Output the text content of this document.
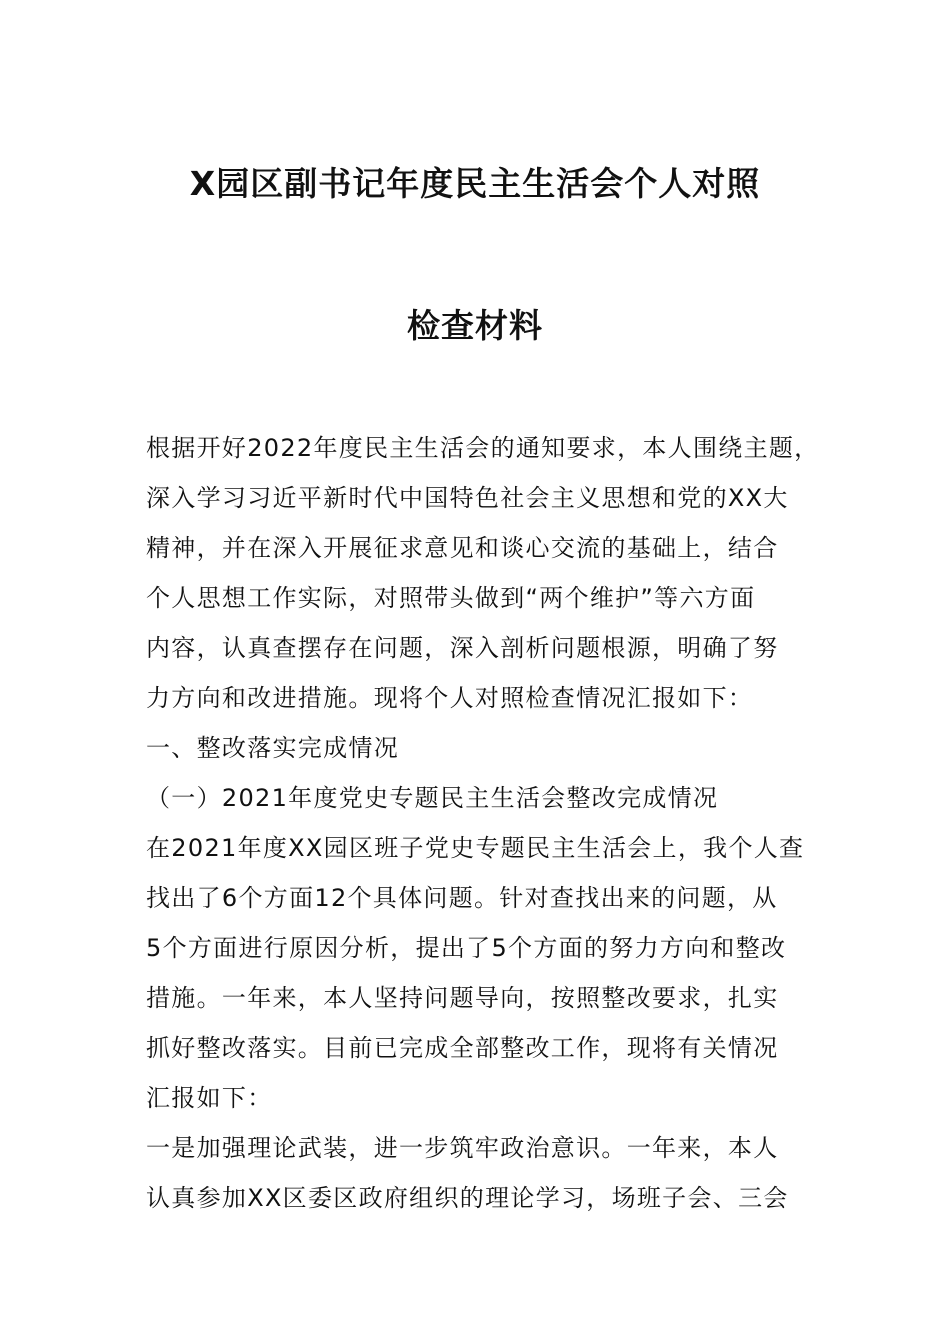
X园区副书记年度民主生活会个人对照
检查材料
根据开好2022年度民主生活会的通知要求，本人围绕主题，
深入学习习近平新时代中国特色社会主义思想和党的XX大
精神，并在深入开展征求意见和谈心交流的基础上，结合
个人思想工作实际，对照带头做到“两个维护”等六方面
内容，认真查摆存在问题，深入剖析问题根源，明确了努
力方向和改进措施。现将个人对照检查情况汇报如下：
一、整改落实完成情况
（一）2021年度党史专题民主生活会整改完成情况
在2021年度XX园区班子党史专题民主生活会上，我个人查
找出了6个方面12个具体问题。针对查找出来的问题，从
5个方面进行原因分析，提出了5个方面的努力方向和整改
措施。一年来，本人坚持问题导向，按照整改要求，扎实
抓好整改落实。目前已完成全部整改工作，现将有关情况
汇报如下：
一是加强理论武装，进一步筑牢政治意识。一年来，本人
认真参加XX区委区政府组织的理论学习，场班子会、三会
